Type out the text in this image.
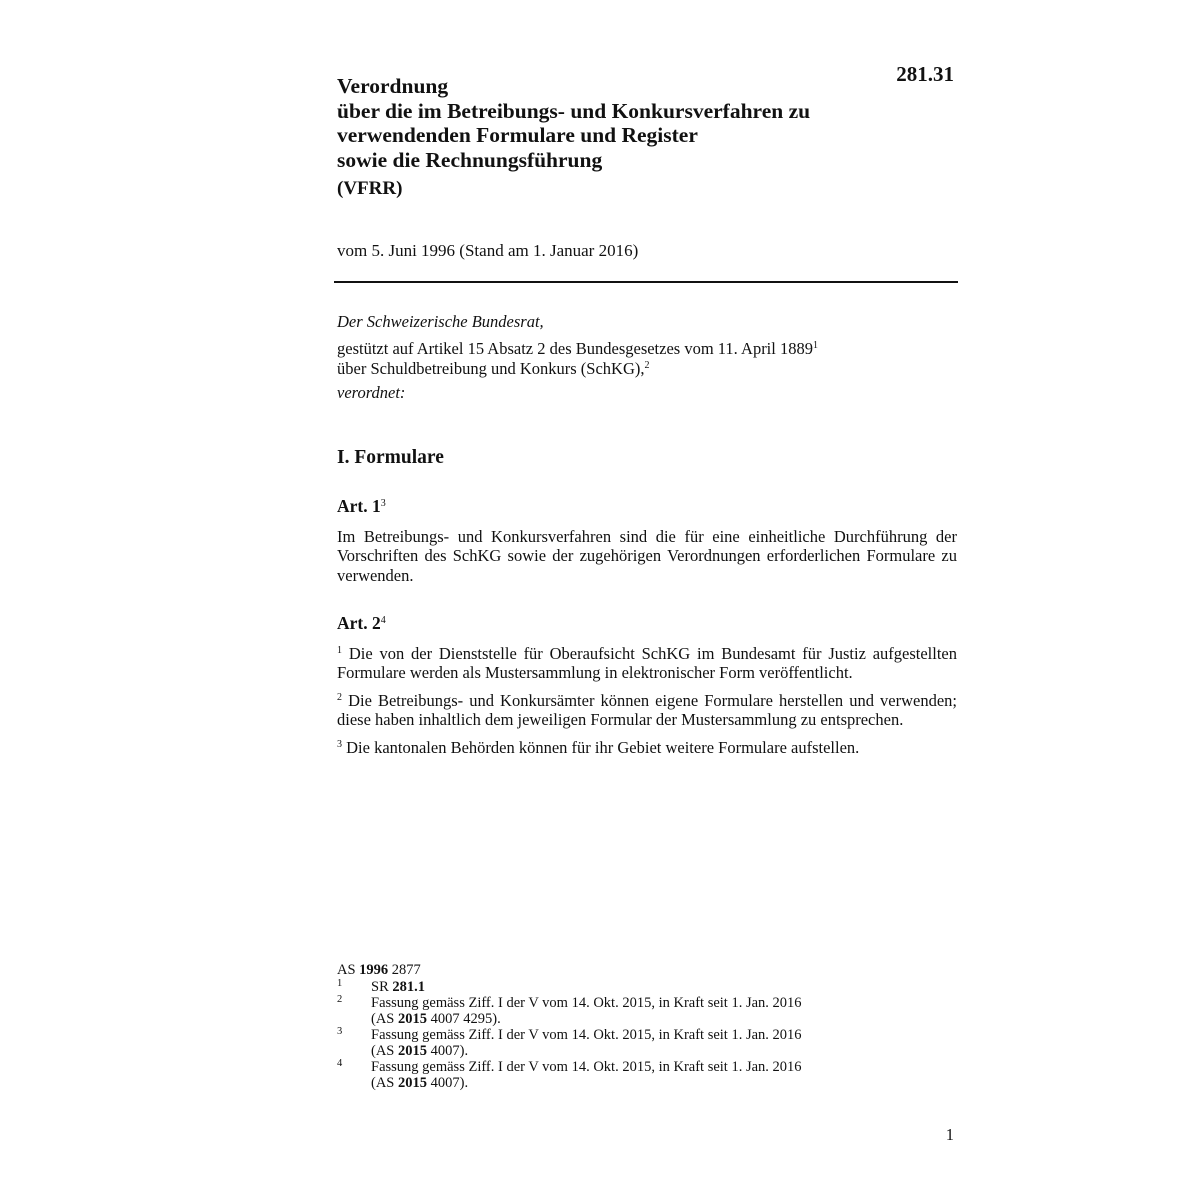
281.31
Verordnung
über die im Betreibungs- und Konkursverfahren zu
verwendenden Formulare und Register
sowie die Rechnungsführung
(VFRR)
vom 5. Juni 1996 (Stand am 1. Januar 2016)
Der Schweizerische Bundesrat,
gestützt auf Artikel 15 Absatz 2 des Bundesgesetzes vom 11. April 1889$^1$
über Schuldbetreibung und Konkurs (SchKG),$^2$
verordnet:
I. Formulare
Art. $1^3$

Im Betreibungs- und Konkursverfahren sind die für eine einheitliche Durchführung der Vorschriften des SchKG sowie der zugehörigen Verordnungen erforderlichen Formulare zu verwenden.

Art. $2^4$

$^1$ Die von der Dienststelle für Oberaufsicht SchKG im Bundesamt für Justiz aufgestellten Formulare werden als Mustersammlung in elektronischer Form veröffentlicht.

$^2$ Die Betreibungs- und Konkursämter können eigene Formulare herstellen und verwenden; diese haben inhaltlich dem jeweiligen Formular der Mustersammlung zu entsprechen.

$^3$ Die kantonalen Behörden können für ihr Gebiet weitere Formulare aufstellen.

AS 1996 2877
1 SR 281.1
2 Fassung gemäss Ziff. I der V vom 14. Okt. 2015, in Kraft seit 1. Jan. 2016
(AS 2015 4007 4295).
3 Fassung gemäss Ziff. I der V vom 14. Okt. 2015, in Kraft seit 1. Jan. 2016
(AS 2015 4007).
4 Fassung gemäss Ziff. I der V vom 14. Okt. 2015, in Kraft seit 1. Jan. 2016
(AS 2015 4007).
1
